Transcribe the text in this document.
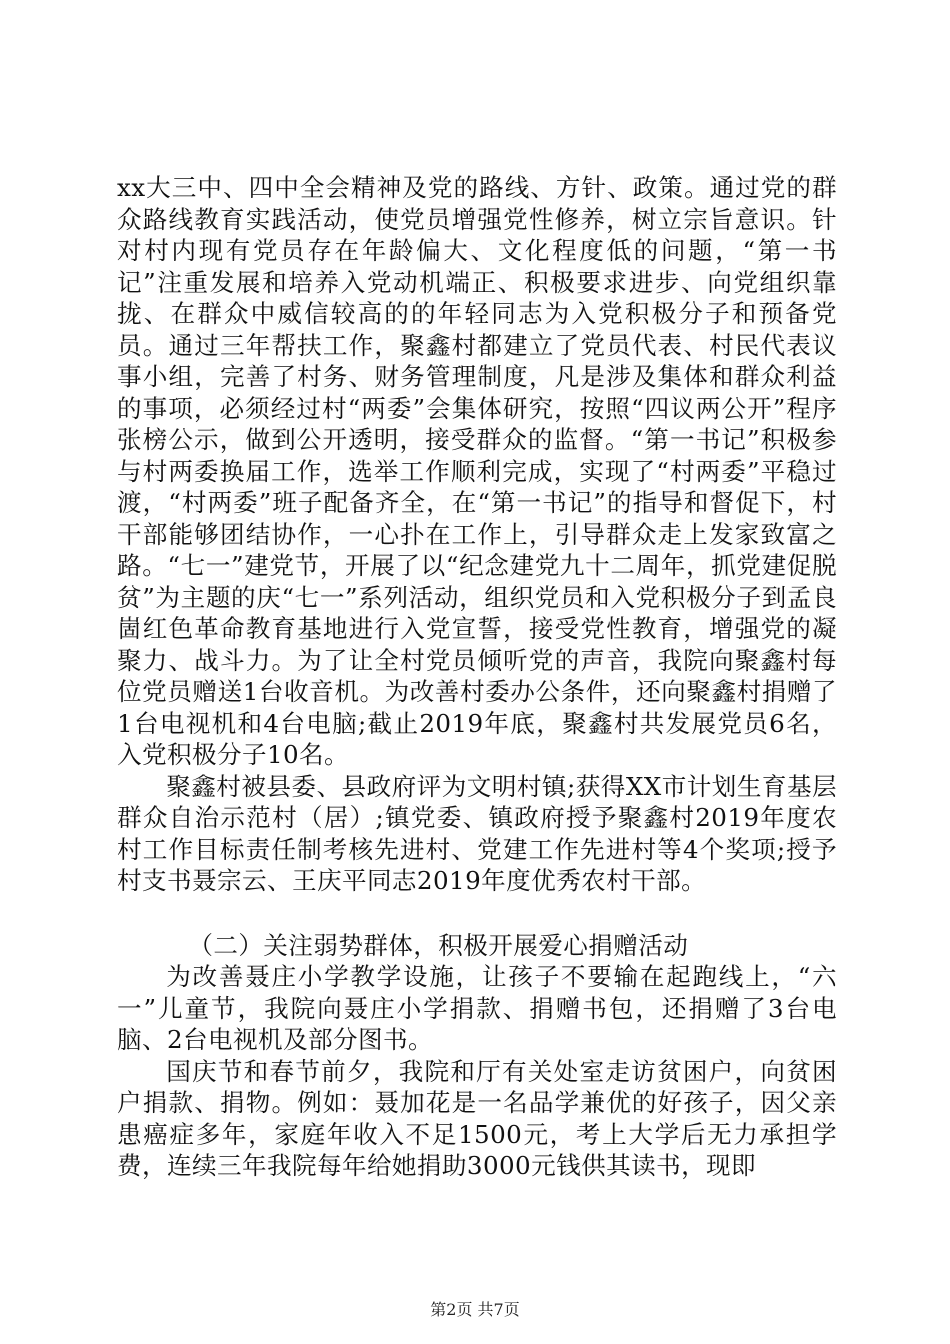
xx大三中、四中全会精神及党的路线、方针、政策。通过党的群众路线教育实践活动，使党员增强党性修养，树立宗旨意识。针对村内现有党员存在年龄偏大、文化程度低的问题，“第一书记”注重发展和培养入党动机端正、积极要求进步、向党组织靠拢、在群众中威信较高的的年轻同志为入党积极分子和预备党员。通过三年帮扶工作，聚鑫村都建立了党员代表、村民代表议事小组，完善了村务、财务管理制度，凡是涉及集体和群众利益的事项，必须经过村“两委”会集体研究，按照“四议两公开”程序张榜公示，做到公开透明，接受群众的监督。“第一书记”积极参与村两委换届工作，选举工作顺利完成，实现了“村两委”平稳过渡，“村两委”班子配备齐全，在“第一书记”的指导和督促下，村干部能够团结协作，一心扑在工作上，引导群众走上发家致富之路。“七一”建党节，开展了以“纪念建党九十二周年，抓党建促脱贫”为主题的庆“七一”系列活动，组织党员和入党积极分子到孟良崮红色革命教育基地进行入党宣誓，接受党性教育，增强党的凝聚力、战斗力。为了让全村党员倾听党的声音，我院向聚鑫村每位党员赠送1台收音机。为改善村委办公条件，还向聚鑫村捐赠了1台电视机和4台电脑;截止2019年底，聚鑫村共发展党员6名，入党积极分子10名。

聚鑫村被县委、县政府评为文明村镇;获得XX市计划生育基层群众自治示范村（居）;镇党委、镇政府授予聚鑫村2019年度农村工作目标责任制考核先进村、党建工作先进村等4个奖项;授予村支书聂宗云、王庆平同志2019年度优秀农村干部。

（二）关注弱势群体，积极开展爱心捐赠活动

为改善聂庄小学教学设施，让孩子不要输在起跑线上，“六一”儿童节，我院向聂庄小学捐款、捐赠书包，还捐赠了3台电脑、2台电视机及部分图书。

国庆节和春节前夕，我院和厅有关处室走访贫困户，向贫困户捐款、捐物。例如：聂加花是一名品学兼优的好孩子，因父亲患癌症多年，家庭年收入不足1500元，考上大学后无力承担学费，连续三年我院每年给她捐助3000元钱供其读书，现即

第2页 共7页
